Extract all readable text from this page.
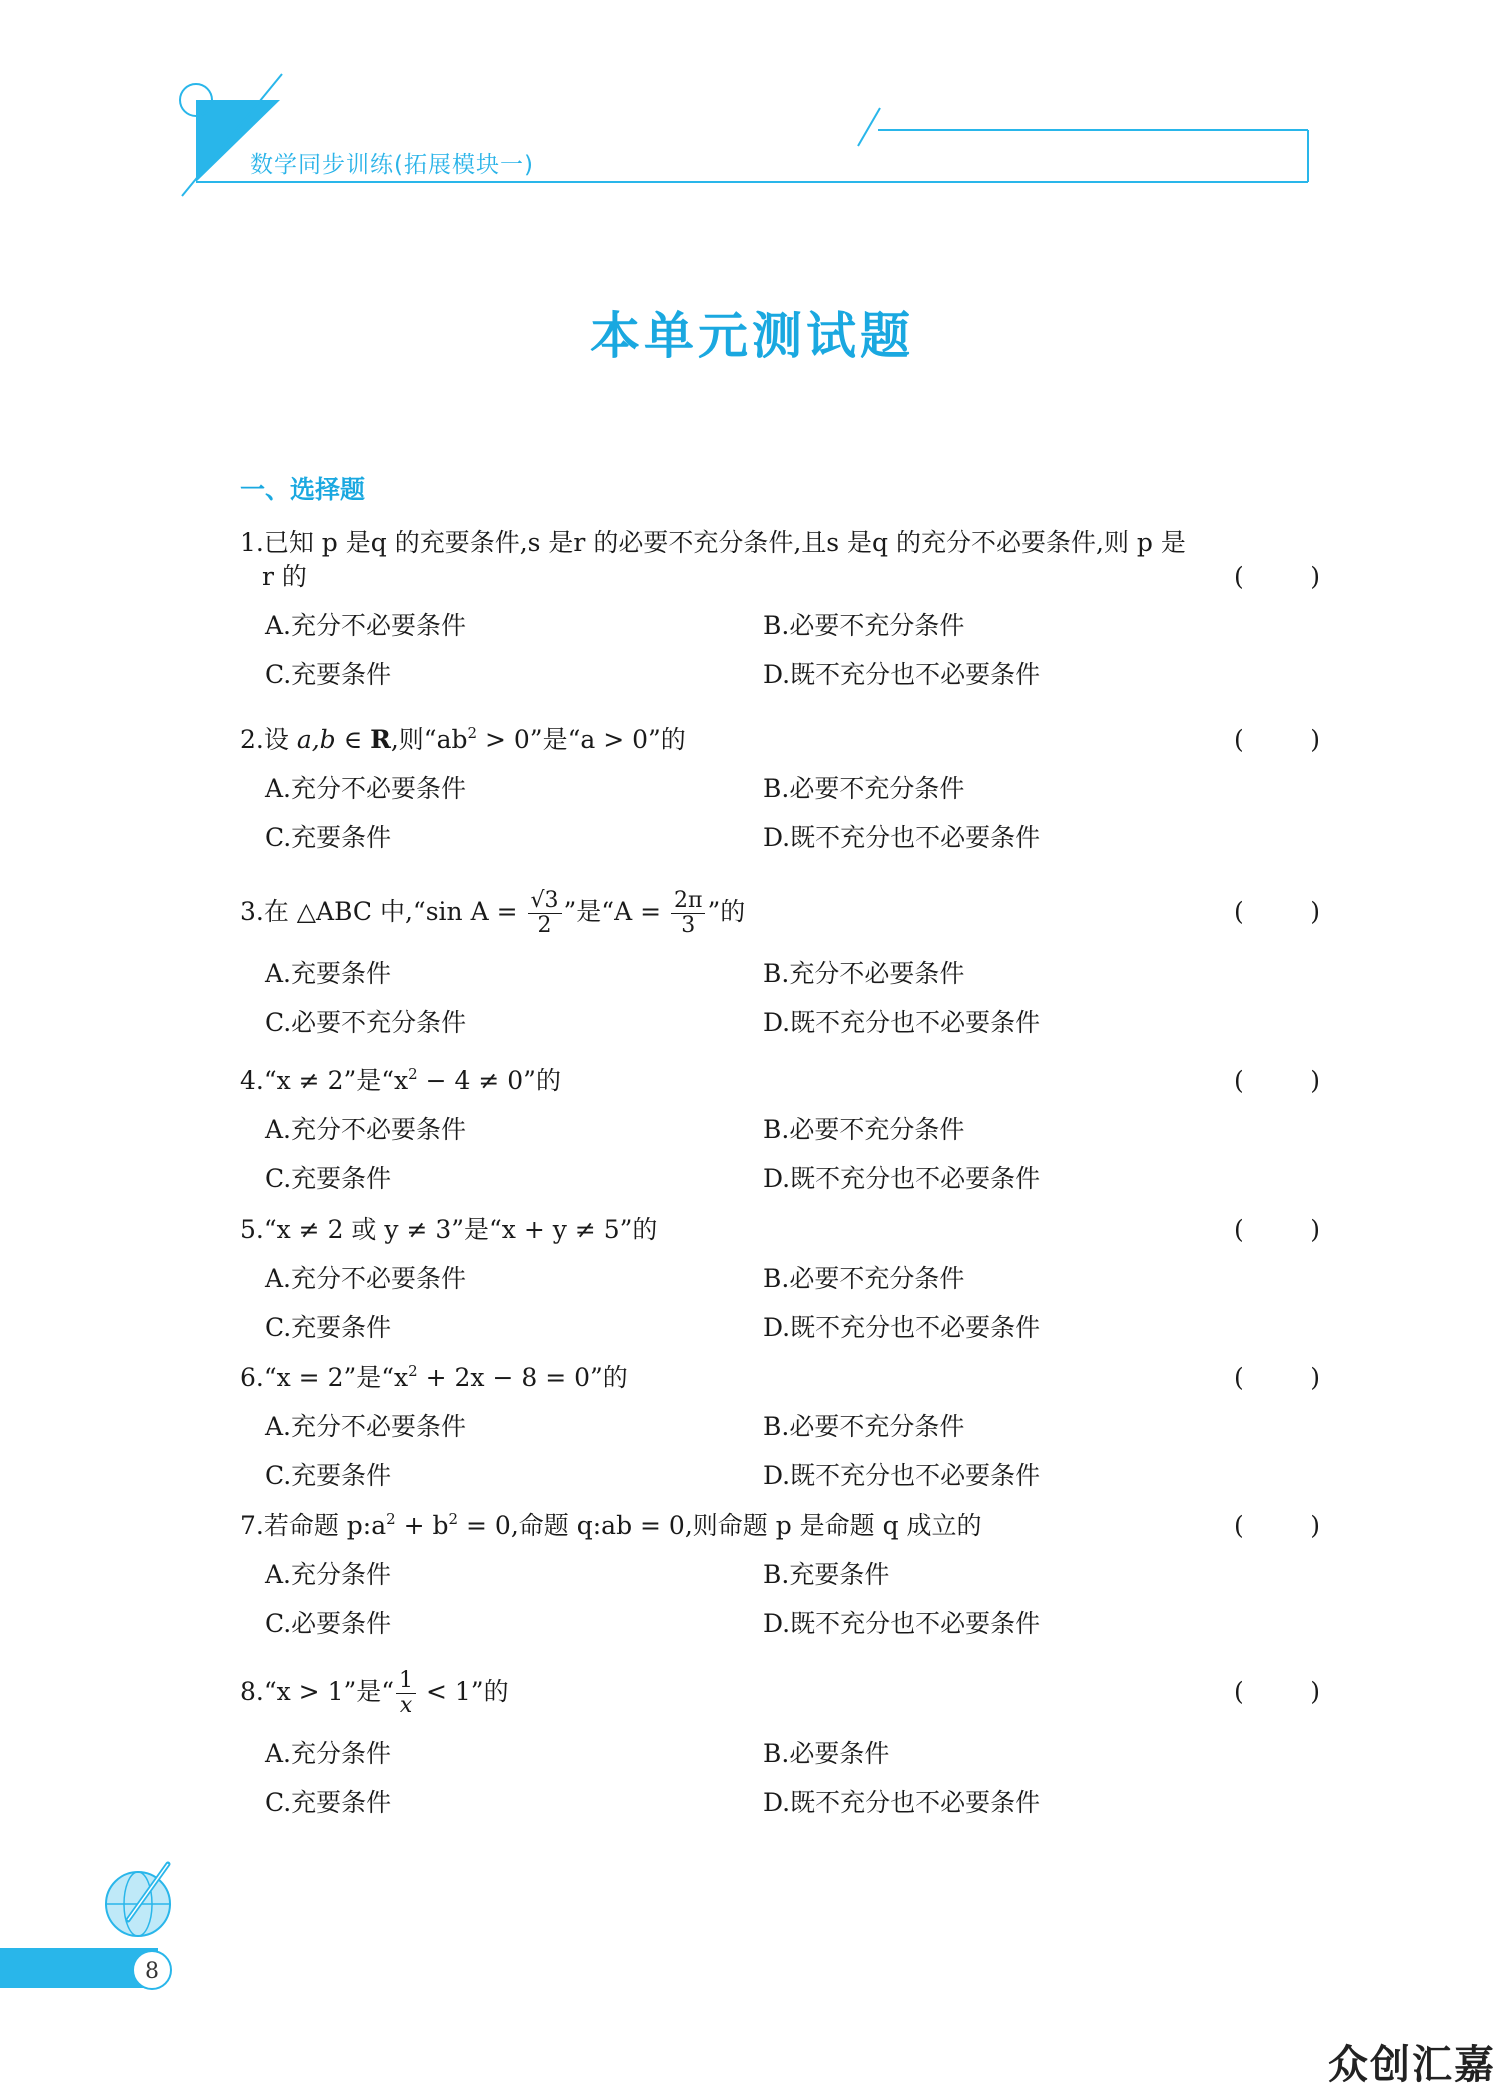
数学同步训练(拓展模块一)
本单元测试题
一、选择题
1.已知 p 是q 的充要条件,s 是r 的必要不充分条件,且s 是q 的充分不必要条件,则 p 是
r 的	(	)
A.充分不必要条件	B.必要不充分条件
C.充要条件	D.既不充分也不必要条件
2.设 a,b ∈ R,则“$ab^2 > 0$”是“a > 0”的	(	)
A.充分不必要条件	B.必要不充分条件
C.充要条件	D.既不充分也不必要条件
3.在 △ABC 中,“sin $A = \frac{√3}{2}$ ”是“$A = \frac{2\pi}{3}$ ”的	(	)
A.充要条件	B.充分不必要条件
C.必要不充分条件	D.既不充分也不必要条件
4.“x ≠ 2”是“$x^2 - 4 \ne 0$”的	(	)
A.充分不必要条件	B.必要不充分条件
C.充要条件	D.既不充分也不必要条件
5.“x ≠ 2 或 y ≠ 3”是“x + y ≠ 5”的	(	)
A.充分不必要条件	B.必要不充分条件
C.充要条件	D.既不充分也不必要条件
6.“x = 2”是“$x^2 + 2x - 8 = 0$”的	(	)
A.充分不必要条件	B.必要不充分条件
C.充要条件	D.既不充分也不必要条件
7.若命题 $p:a^2 + b^2 = 0$,命题 q:ab = 0,则命题 p 是命题 q 成立的	(	)
A.充分条件	B.充要条件
C.必要条件	D.既不充分也不必要条件
8.“x > 1”是“ $\frac{1}{x} < 1$”的	(	)
A.充分条件	B.必要条件
C.充要条件	D.既不充分也不必要条件
8
众创汇嘉
